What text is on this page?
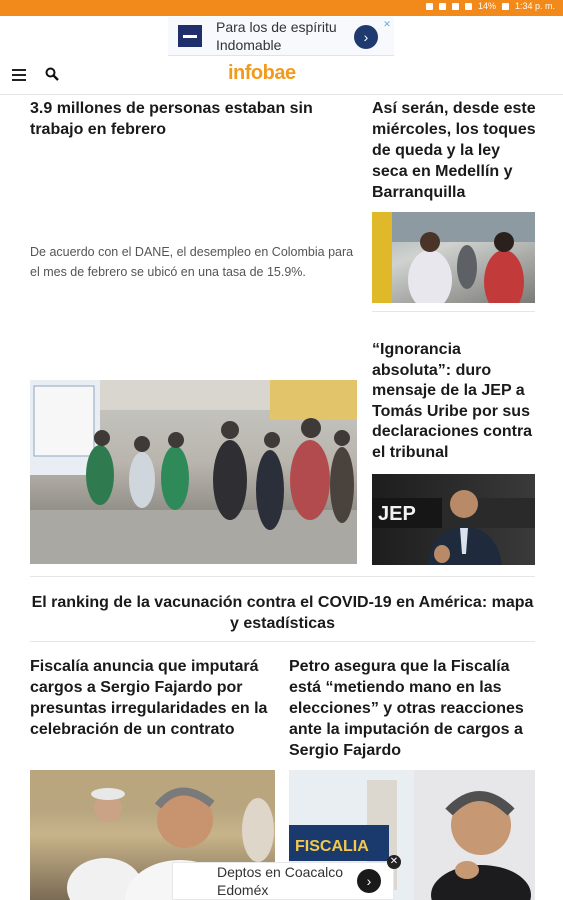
14% 1:34 p. m.
Para los de espíritu Indomable	›
✕
infobae
3.9 millones de personas estaban sin trabajo en febrero
De acuerdo con el DANE, el desempleo en Colombia para el mes de febrero se ubicó en una tasa de 15.9%.
Así serán, desde este miércoles, los toques de queda y la ley seca en Medellín y Barranquilla
“Ignorancia absoluta”: duro mensaje de la JEP a Tomás Uribe por sus declaraciones contra el tribunal
JEP
El ranking de la vacunación contra el COVID-19 en América: mapa y estadísticas
Fiscalía anuncia que imputará cargos a Sergio Fajardo por presuntas irregularidades en la celebración de un contrato
Petro asegura que la Fiscalía está “metiendo mano en las elecciones” y otras reacciones ante la imputación de cargos a Sergio Fajardo
FISCALIA
Deptos en Coacalco Edoméx
›
✕
